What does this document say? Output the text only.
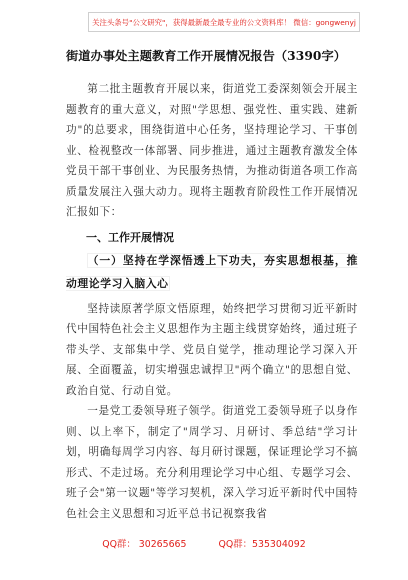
关注头条号"公文研究"，获得最新最全最专业的公文资料库！ 微信：gongwenyj
街道办事处主题教育工作开展情况报告（3390字）

第二批主题教育开展以来，街道党工委深刻领会开展主题教育的重大意义，对照"学思想、强党性、重实践、建新功"的总要求，围绕街道中心任务，坚持理论学习、干事创业、检视整改一体部署、同步推进，通过主题教育激发全体党员干部干事创业、为民服务热情，为推动街道各项工作高质量发展注入强大动力。现将主题教育阶段性工作开展情况汇报如下：

一、工作开展情况
（一）坚持在学深悟透上下功夫，夯实思想根基，推动理论学习入脑入心

坚持读原著学原文悟原理，始终把学习贯彻习近平新时代中国特色社会主义思想作为主题主线贯穿始终，通过班子带头学、支部集中学、党员自觉学，推动理论学习深入开展、全面覆盖，切实增强忠诚捍卫"两个确立"的思想自觉、政治自觉、行动自觉。

一是党工委领导班子领学。街道党工委领导班子以身作则、以上率下，制定了"周学习、月研讨、季总结"学习计划，明确每周学习内容、每月研讨课题，保证理论学习不搞形式、不走过场。充分利用理论学习中心组、专题学习会、班子会"第一议题"等学习契机，深入学习近平新时代中国特色社会主义思想和习近平总书记视察我省

QQ群： 30265665	QQ群：535304092
